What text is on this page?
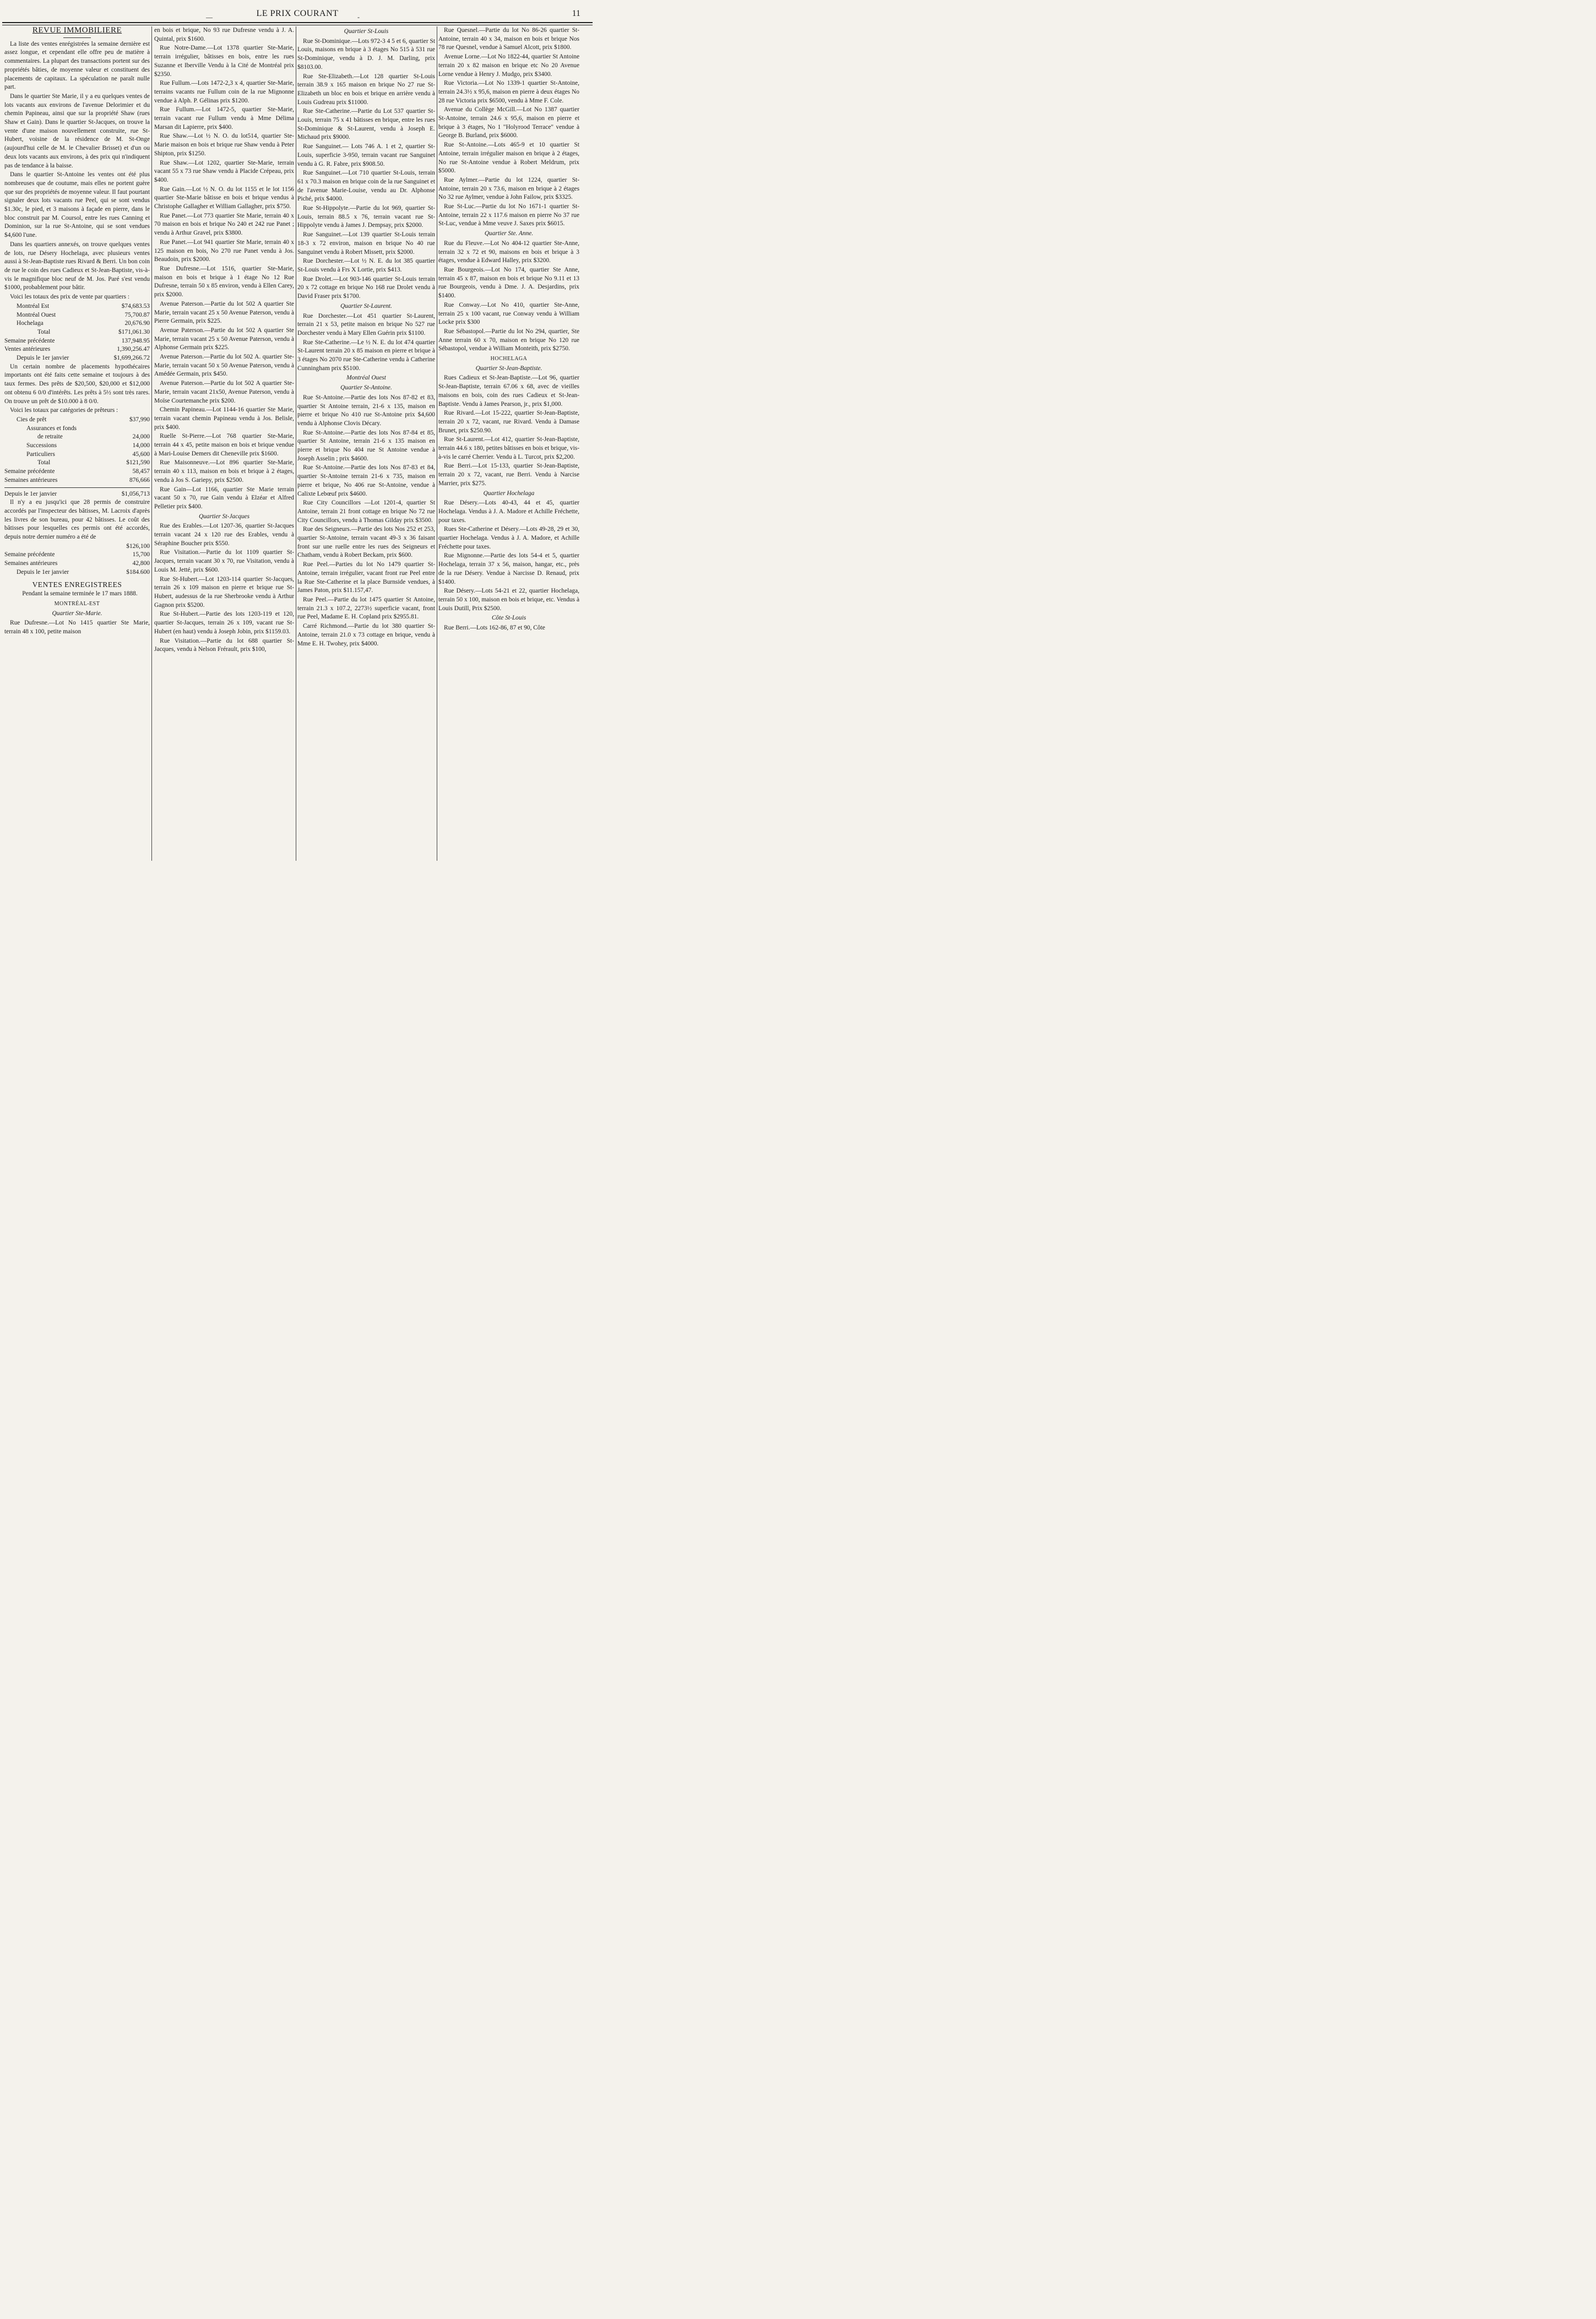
—	LE PRIX COURANT	-	11
REVUE IMMOBILIERE

La liste des ventes enrégistrées la semaine dernière est assez longue, et cependant elle offre peu de matière à commentaires. La plupart des transactions portent sur des propriétés bâties, de moyenne valeur et constituent des placements de capitaux. La spéculation ne paraît nulle part.

Dans le quartier Ste Marie, il y a eu quelques ventes de lots vacants aux environs de l'avenue Delorimier et du chemin Papineau, ainsi que sur la propriété Shaw (rues Shaw et Gain). Dans le quartier St-Jacques, on trouve la vente d'une maison nouvellement construite, rue St-Hubert, voisine de la résidence de M. St-Onge (aujourd'hui celle de M. le Chevalier Brisset) et d'un ou deux lots vacants aux environs, à des prix qui n'indiquent pas de tendance à la baisse.

Dans le quartier St-Antoine les ventes ont été plus nombreuses que de coutume, mais elles ne portent guère que sur des propriétés de moyenne valeur. Il faut pourtant signaler deux lots vacants rue Peel, qui se sont vendus $1.30c, le pied, et 3 maisons à façade en pierre, dans le bloc construit par M. Coursol, entre les rues Canning et Dominion, sur la rue St-Antoine, qui se sont vendues $4,600 l'une.

Dans les quartiers annexés, on trouve quelques ventes de lots, rue Désery Hochelaga, avec plusieurs ventes aussi à St-Jean-Baptiste rues Rivard & Berri. Un bon coin de rue le coin des rues Cadieux et St-Jean-Baptiste, vis-à-vis le magnifique bloc neuf de M. Jos. Paré s'est vendu $1000, probablement pour bâtir.

Voici les totaux des prix de vente par quartiers :

Montréal Est	$74,683.53
Montréal Ouest	75,700.87
Hochelaga	20,676.90
Total	$171,061.30
Semaine précédente	137,948.95
Ventes antérieures	1,390,256.47
Depuis le 1er janvier	$1,699,266.72

Un certain nombre de placements hypothécaires importants ont été faits cette semaine et toujours à des taux fermes. Des prêts de $20,500, $20,000 et $12,000 ont obtenu 6 0/0 d'intérêts. Les prêts à 5½ sont très rares. On trouve un prêt de $10.000 à 8 0/0.

Voici les totaux par catégories de prêteurs :

Cies de prêt	$37,990
Assurances et fonds
de retraite	24,000
Successions	14,000
Particuliers	45,600
Total	$121,590
Semaine précédente	58,457
Semaines antérieures	876,666
Depuis le 1er janvier	$1,056,713

Il n'y a eu jusqu'ici que 28 permis de construire accordés par l'inspecteur des bâtisses, M. Lacroix d'après les livres de son bureau, pour 42 bâtisses. Le coût des bâtisses pour lesquelles ces permis ont été accordés, depuis notre dernier numéro a été de

$126,100
Semaine précédente	15,700
Semaines antérieures	42,800
Depuis le 1er janvier	$184.600
VENTES ENREGISTREES

Pendant la semaine terminée le 17 mars 1888.

MONTRÉAL-EST
Quartier Ste-Marie.

Rue Dufresne.—Lot No 1415 quartier Ste Marie, terrain 48 x 100, petite maison

en bois et brique, No 93 rue Dufresne vendu à J. A. Quintal, prix $1600.

Rue Notre-Dame.—Lot 1378 quartier Ste-Marie, terrain irrégulier, bâtisses en bois, entre les rues Suzanne et Iberville Vendu à la Cité de Montréal prix $2350.

Rue Fullum.—Lots 1472-2,3 x 4, quartier Ste-Marie, terrains vacants rue Fullum coin de la rue Mignonne vendue à Alph. P. Gélinas prix $1200.

Rue Fullum.—Lot 1472-5, quartier Ste-Marie, terrain vacant rue Fullum vendu à Mme Délima Marsan dit Lapierre, prix $400.

Rue Shaw.—Lot ½ N. O. du lot514, quartier Ste-Marie maison en bois et brique rue Shaw vendu à Peter Shipton, prix $1250.

Rue Shaw.—Lot 1202, quartier Ste-Marie, terrain vacant 55 x 73 rue Shaw vendu à Placide Crépeau, prix $400.

Rue Gain.—Lot ½ N. O. du lot 1155 et le lot 1156 quartier Ste-Marie bâtisse en bois et brique vendus à Christophe Gallagher et William Gallagher, prix $750.

Rue Panet.—Lot 773 quartier Ste Marie, terrain 40 x 70 maison en bois et brique No 240 et 242 rue Panet ; vendu à Arthur Gravel, prix $3800.

Rue Panet.—Lot 941 quartier Ste Marie, terrain 40 x 125 maison en bois, No 270 rue Panet vendu à Jos. Beaudoin, prix $2000.

Rue Dufresne.—Lot 1516, quartier Ste-Marie, maison en bois et brique à 1 étage No 12 Rue Dufresne, terrain 50 x 85 environ, vendu à Ellen Carey, prix $2000.

Avenue Paterson.—Partie du lot 502 A quartier Ste Marie, terrain vacant 25 x 50 Avenue Paterson, vendu à Pierre Germain, prix $225.

Avenue Paterson.—Partie du lot 502 A quartier Ste Marie, terrain vacant 25 x 50 Avenue Paterson, vendu à Alphonse Germain prix $225.

Avenue Paterson.—Partie du lot 502 A. quartier Ste-Marie, terrain vacant 50 x 50 Avenue Paterson, vendu à Amédée Germain, prix $450.

Avenue Paterson.—Partie du lot 502 A quartier Ste-Marie, terrain vacant 21x50, Avenue Paterson, vendu à Moïse Courtemanche prix $200.

Chemin Papineau.—Lot 1144-16 quartier Ste Marie, terrain vacant chemin Papineau vendu à Jos. Belisle, prix $400.

Ruelle St-Pierre.—Lot 768 quartier Ste-Marie, terrain 44 x 45, petite maison en bois et brique vendue à Mari-Louise Demers dit Cheneville prix $1600.

Rue Maisonneuve.—Lot 896 quartier Ste-Marie, terrain 40 x 113, maison en bois et brique à 2 étages, vendu à Jos S. Gariepy, prix $2500.

Rue Gain—Lot 1166, quartier Ste Marie terrain vacant 50 x 70, rue Gain vendu à Elzéar et Alfred Pelletier prix $400.

Quartier St-Jacques

Rue des Erables.—Lot 1207-36, quartier St-Jacques terrain vacant 24 x 120 rue des Erables, vendu à Séraphine Boucher prix $550.

Rue Visitation.—Partie du lot 1109 quartier St-Jacques, terrain vacant 30 x 70, rue Visitation, vendu à Louis M. Jetté, prix $600.

Rue St-Hubert.—Lot 1203-114 quartier St-Jacques, terrain 26 x 109 maison en pierre et brique rue St-Hubert, audessus de la rue Sherbrooke vendu à Arthur Gagnon prix $5200.

Rue St-Hubert.—Partie des lots 1203-119 et 120, quartier St-Jacques, terrain 26 x 109, vacant rue St-Hubert (en haut) vendu à Joseph Jobin, prix $1159.03.

Rue Visitation.—Partie du lot 688 quartier St-Jacques, vendu à Nelson Frérault, prix $100,

Quartier St-Louis

Rue St-Dominique.—Lots 972-3 4 5 et 6, quartier St Louis, maisons en brique à 3 étages No 515 à 531 rue St-Dominique, vendu à D. J. M. Darling, prix $8103.00.

Rue Ste-Elizabeth.—Lot 128 quartier St-Louis terrain 38.9 x 165 maison en brique No 27 rue St-Elizabeth un bloc en bois et brique en arrière vendu à Louis Gudreau prix $11000.

Rue Ste-Catherine.—Partie du Lot 537 quartier St-Louis, terrain 75 x 41 bâtisses en brique, entre les rues St-Dominique & St-Laurent, vendu à Joseph E. Michaud prix $9000.

Rue Sanguinet.— Lots 746 A. 1 et 2, quartier St-Louis, superficie 3-950, terrain vacant rue Sanguinet vendu à G. R. Fabre, prix $908.50.

Rue Sanguinet.—Lot 710 quartier St-Louis, terrain 61 x 70.3 maison en brique coin de la rue Sanguinet et de l'avenue Marie-Louise, vendu au Dr. Alphonse Piché, prix $4000.

Rue St-Hippolyte.—Partie du lot 969, quartier St-Louis, terrain 88.5 x 76, terrain vacant rue St-Hippolyte vendu à James J. Dempsay, prix $2000.

Rue Sanguinet.—Lot 139 quartier St-Louis terrain 18-3 x 72 environ, maison en brique No 40 rue Sanguinet vendu à Robert Missett, prix $2000.

Rue Dorchester.—Lot ½ N. E. du lot 385 quartier St-Louis vendu à Frs X Lortie, prix $413.

Rue Drolet.—Lot 903-146 quartier St-Louis terrain 20 x 72 cottage en brique No 168 rue Drolet vendu à David Fraser prix $1700.

Quartier St-Laurent.

Rue Dorchester.—Lot 451 quartier St-Laurent, terrain 21 x 53, petite maison en brique No 527 rue Dorchester vendu à Mary Ellen Guérin prix $1100.

Rue Ste-Catherine.—Le ½ N. E. du lot 474 quartier St-Laurent terrain 20 x 85 maison en pierre et brique à 3 étages No 2070 rue Ste-Catherine vendu à Catherine Cunningham prix $5100.

Montréal Ouest
Quartier St-Antoine.

Rue St-Antoine.—Partie des lots Nos 87-82 et 83, quartier St Antoine terrain, 21-6 x 135, maison en pierre et brique No 410 rue St-Antoine prix $4,600 vendu à Alphonse Clovis Décary.

Rue St-Antoine.—Partie des lots Nos 87-84 et 85, quartier St Antoine, terrain 21-6 x 135 maison en pierre et brique No 404 rue St Antoine vendue à Joseph Asselin ; prix $4600.

Rue St-Antoine.—Partie des lots Nos 87-83 et 84, quartier St-Antoine terrain 21-6 x 735, maison en pierre et brique, No 406 rue St-Antoine, vendue à Calixte Lebœuf prix $4600.

Rue City Councillors —Lot 1201-4, quartier St Antoine, terrain 21 front cottage en brique No 72 rue City Councillors, vendu à Thomas Gilday prix $3500.

Rue des Seigneurs.—Partie des lots Nos 252 et 253, quartier St-Antoine, terrain vacant 49-3 x 36 faisant front sur une ruelle entre les rues des Seigneurs et Chatham, vendu à Robert Beckam, prix $600.

Rue Peel.—Parties du lot No 1479 quartier St-Antoine, terrain irrégulier, vacant front rue Peel entre la Rue Ste-Catherine et la place Burnside vendues, à James Paton, prix $11.157,47.

Rue Peel.—Partie du lot 1475 quartier St Antoine, terrain 21.3 x 107.2, 2273½ superficie vacant, front rue Peel, Madame E. H. Copland prix $2955.81.

Carré Richmond.—Partie du lot 380 quartier St-Antoine, terrain 21.0 x 73 cottage en brique, vendu à Mme E. H. Twohey, prix $4000.

Rue Quesnel.—Partie du lot No 86-26 quartier St-Antoine, terrain 40 x 34, maison en bois et brique Nos 78 rue Quesnel, vendue à Samuel Alcott, prix $1800.

Avenue Lorne.—Lot No 1822-44, quartier St Antoine terrain 20 x 82 maison en brique etc No 20 Avenue Lorne vendue à Henry J. Mudgo, prix $3400.

Rue Victoria.—Lot No 1339-1 quartier St-Antoine, terrain 24.3½ x 95,6, maison en pierre à deux étages No 28 rue Victoria prix $6500, vendu à Mme F. Cole.

Avenue du Collège McGill.—Lot No 1387 quartier St-Antoine, terrain 24.6 x 95,6, maison en pierre et brique à 3 étages, No 1 "Holyrood Terrace" vendue à George B. Burland, prix $6000.

Rue St-Antoine.—Lots 465-9 et 10 quartier St Antoine, terrain irrégulier maison en brique à 2 étages, No rue St-Antoine vendue à Robert Meldrum, prix $5000.

Rue Aylmer.—Partie du lot 1224, quartier St-Antoine, terrain 20 x 73.6, maison en brique à 2 étages No 32 rue Aylmer, vendue à John Failow, prix $3325.

Rue St-Luc.—Partie du lot No 1671-1 quartier St-Antoine, terrain 22 x 117.6 maison en pierre No 37 rue St-Luc, vendue à Mme veuve J. Saxes prix $6015.

Quartier Ste. Anne.

Rue du Fleuve.—Lot No 404-12 quartier Ste-Anne, terrain 32 x 72 et 90, maisons en bois et brique à 3 étages, vendue à Edward Halley, prix $3200.

Rue Bourgeois.—Lot No 174, quartier Ste Anne, terrain 45 x 87, maison en bois et brique No 9.11 et 13 rue Bourgeois, vendu à Dme. J. A. Desjardins, prix $1400.

Rue Conway.—Lot No 410, quartier Ste-Anne, terrain 25 x 100 vacant, rue Conway vendu à William Locke prix $300

Rue Sébastopol.—Partie du lot No 294, quartier, Ste Anne terrain 60 x 70, maison en brique No 120 rue Sébastopol, vendue à William Monteith, prix $2750.

HOCHELAGA
Quartier St-Jean-Baptiste.

Rues Cadieux et St-Jean-Baptiste.—Lot 96, quartier St-Jean-Baptiste, terrain 67.06 x 68, avec de vieilles maisons en bois, coin des rues Cadieux et St-Jean-Baptiste. Vendu à James Pearson, jr., prix $1,000.

Rue Rivard.—Lot 15-222, quartier St-Jean-Baptiste, terrain 20 x 72, vacant, rue Rivard. Vendu à Damase Brunet, prix $250.90.

Rue St-Laurent.—Lot 412, quartier St-Jean-Baptiste, terrain 44.6 x 180, petites bâtisses en bois et brique, vis-à-vis le carré Cherrier. Vendu à L. Turcot, prix $2,200.

Rue Berri.—Lot 15-133, quartier St-Jean-Baptiste, terrain 20 x 72, vacant, rue Berri. Vendu à Narcise Marrier, prix $275.

Quartier Hochelaga

Rue Désery.—Lots 40-43, 44 et 45, quartier Hochelaga. Vendus à J. A. Madore et Achille Fréchette, pour taxes.

Rues Ste-Catherine et Désery.—Lots 49-28, 29 et 30, quartier Hochelaga. Vendus à J. A. Madore, et Achille Fréchette pour taxes.

Rue Mignonne.—Partie des lots 54-4 et 5, quartier Hochelaga, terrain 37 x 56, maison, hangar, etc., près de la rue Désery. Vendue à Narcisse D. Renaud, prix $1400.

Rue Désery.—Lots 54-21 et 22, quartier Hochelaga, terrain 50 x 100, maison en bois et brique, etc. Vendus à Louis Dutill, Prix $2500.

Côte St-Louis

Rue Berri.—Lots 162-86, 87 et 90, Côte
